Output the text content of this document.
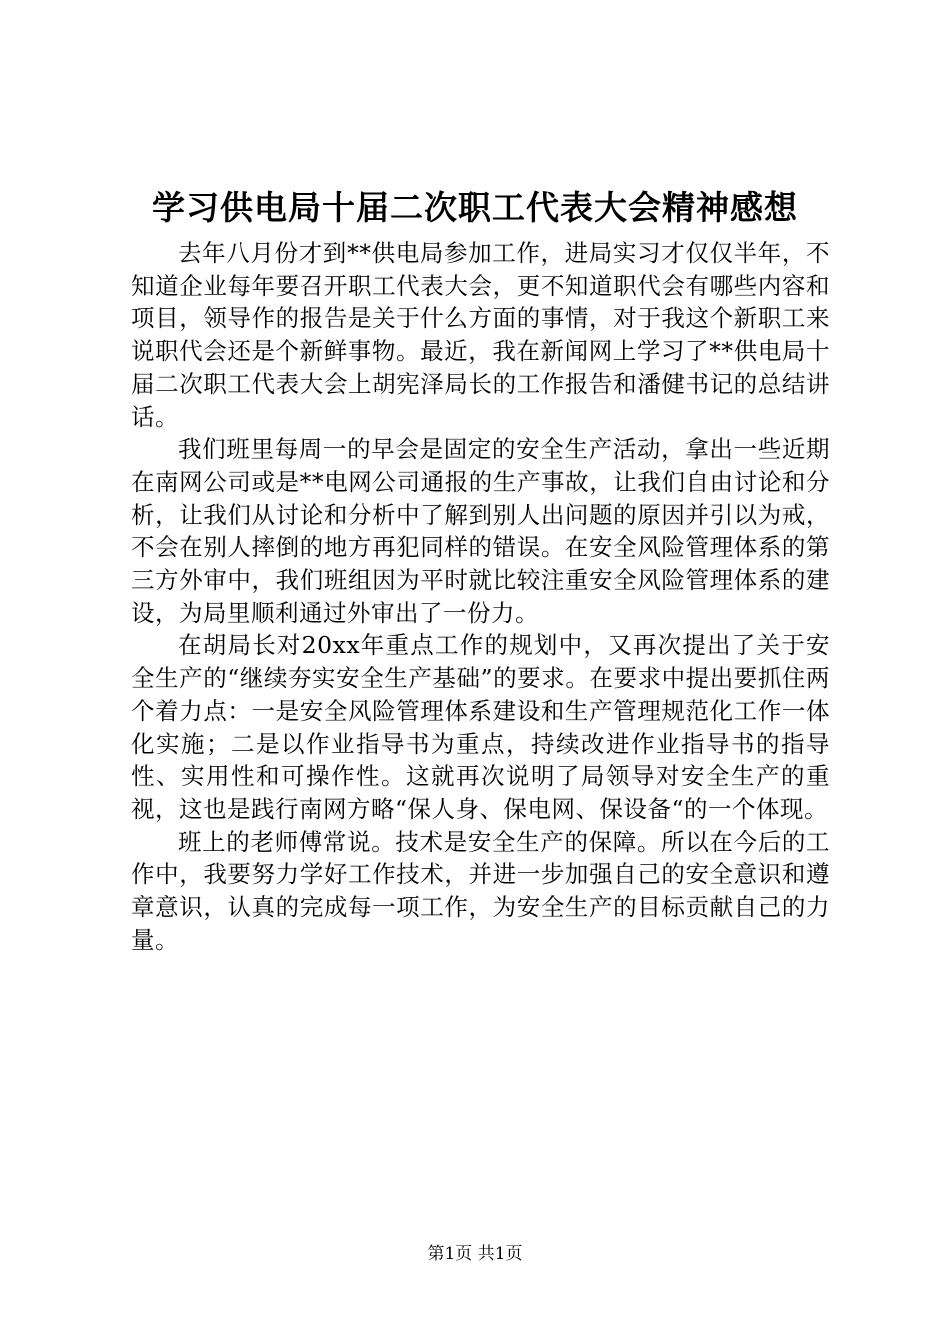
学习供电局十届二次职工代表大会精神感想

去年八月份才到**供电局参加工作，进局实习才仅仅半年，不知道企业每年要召开职工代表大会，更不知道职代会有哪些内容和项目，领导作的报告是关于什么方面的事情，对于我这个新职工来说职代会还是个新鲜事物。最近，我在新闻网上学习了**供电局十届二次职工代表大会上胡宪泽局长的工作报告和潘健书记的总结讲话。

我们班里每周一的早会是固定的安全生产活动，拿出一些近期在南网公司或是**电网公司通报的生产事故，让我们自由讨论和分析，让我们从讨论和分析中了解到别人出问题的原因并引以为戒，不会在别人摔倒的地方再犯同样的错误。在安全风险管理体系的第三方外审中，我们班组因为平时就比较注重安全风险管理体系的建设，为局里顺利通过外审出了一份力。

在胡局长对20xx年重点工作的规划中，又再次提出了关于安全生产的“继续夯实安全生产基础”的要求。在要求中提出要抓住两个着力点：一是安全风险管理体系建设和生产管理规范化工作一体化实施；二是以作业指导书为重点，持续改进作业指导书的指导性、实用性和可操作性。这就再次说明了局领导对安全生产的重视，这也是践行南网方略“保人身、保电网、保设备“的一个体现。

班上的老师傅常说。技术是安全生产的保障。所以在今后的工作中，我要努力学好工作技术，并进一步加强自己的安全意识和遵章意识，认真的完成每一项工作，为安全生产的目标贡献自己的力量。

第1页 共1页
